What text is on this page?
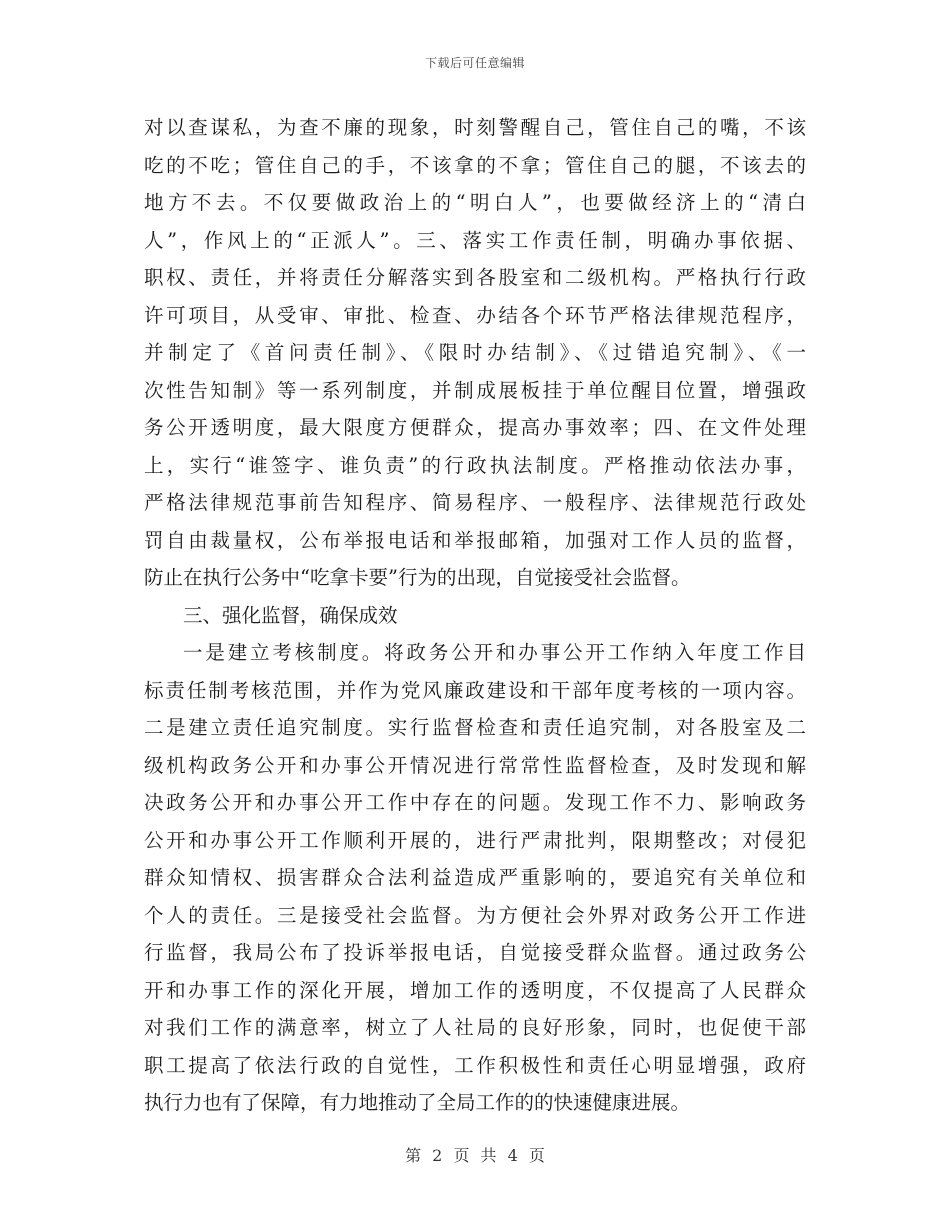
下载后可任意编辑
对以查谋私，为查不廉的现象，时刻警醒自己，管住自己的嘴，不该
吃的不吃；管住自己的手，不该拿的不拿；管住自己的腿，不该去的
地方不去。不仅要做政治上的“明白人”，也要做经济上的“清白
人”，作风上的“正派人”。三、落实工作责任制，明确办事依据、
职权、责任，并将责任分解落实到各股室和二级机构。严格执行行政
许可项目，从受审、审批、检查、办结各个环节严格法律规范程序，
并制定了《首问责任制》、《限时办结制》、《过错追究制》、《一
次性告知制》等一系列制度，并制成展板挂于单位醒目位置，增强政
务公开透明度，最大限度方便群众，提高办事效率；四、在文件处理
上，实行“谁签字、谁负责”的行政执法制度。严格推动依法办事，
严格法律规范事前告知程序、简易程序、一般程序、法律规范行政处
罚自由裁量权，公布举报电话和举报邮箱，加强对工作人员的监督，
防止在执行公务中“吃拿卡要”行为的出现，自觉接受社会监督。
三、强化监督，确保成效
一是建立考核制度。将政务公开和办事公开工作纳入年度工作目
标责任制考核范围，并作为党风廉政建设和干部年度考核的一项内容。
二是建立责任追究制度。实行监督检查和责任追究制，对各股室及二
级机构政务公开和办事公开情况进行常常性监督检查，及时发现和解
决政务公开和办事公开工作中存在的问题。发现工作不力、影响政务
公开和办事公开工作顺利开展的，进行严肃批判，限期整改；对侵犯
群众知情权、损害群众合法利益造成严重影响的，要追究有关单位和
个人的责任。三是接受社会监督。为方便社会外界对政务公开工作进
行监督，我局公布了投诉举报电话，自觉接受群众监督。通过政务公
开和办事工作的深化开展，增加工作的透明度，不仅提高了人民群众
对我们工作的满意率，树立了人社局的良好形象，同时，也促使干部
职工提高了依法行政的自觉性，工作积极性和责任心明显增强，政府
执行力也有了保障，有力地推动了全局工作的的快速健康进展。
第 2 页 共 4 页
